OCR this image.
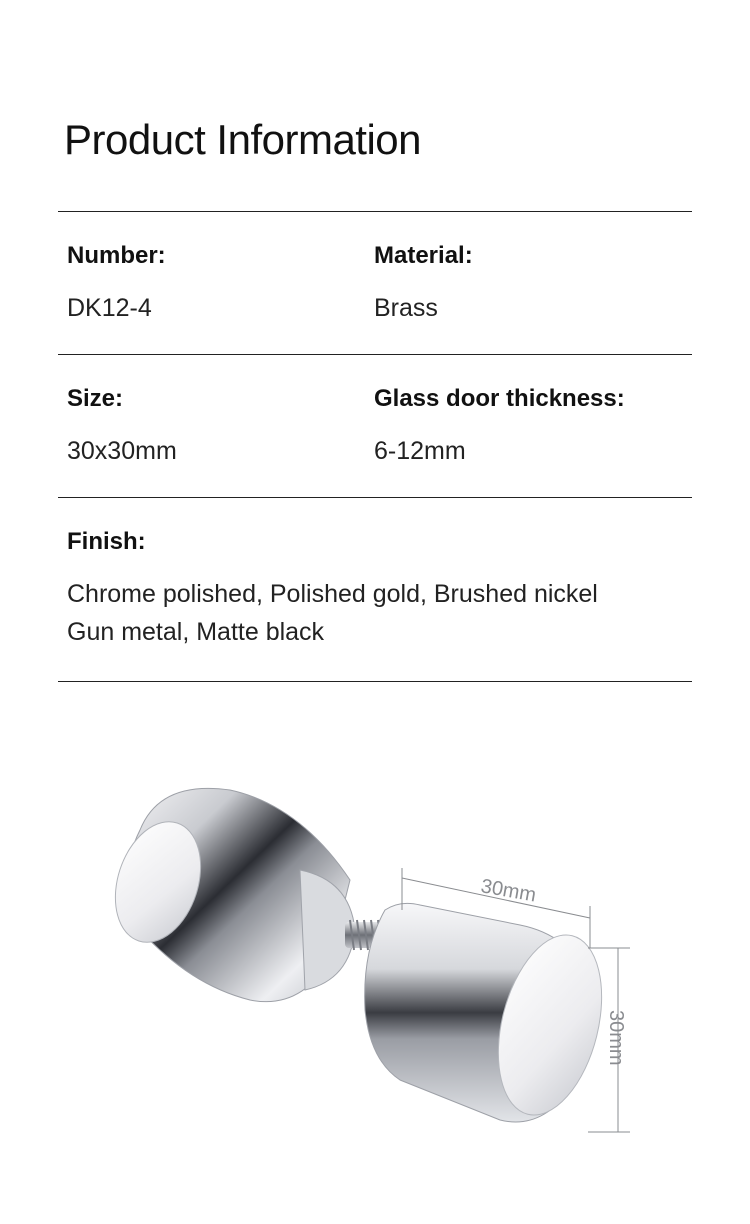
Product Information
Number:
DK12-4
Material:
Brass
Size:
30x30mm
Glass door thickness:
6-12mm
Finish:
Chrome polished, Polished gold, Brushed nickel
Gun metal, Matte black
30mm
30mm
